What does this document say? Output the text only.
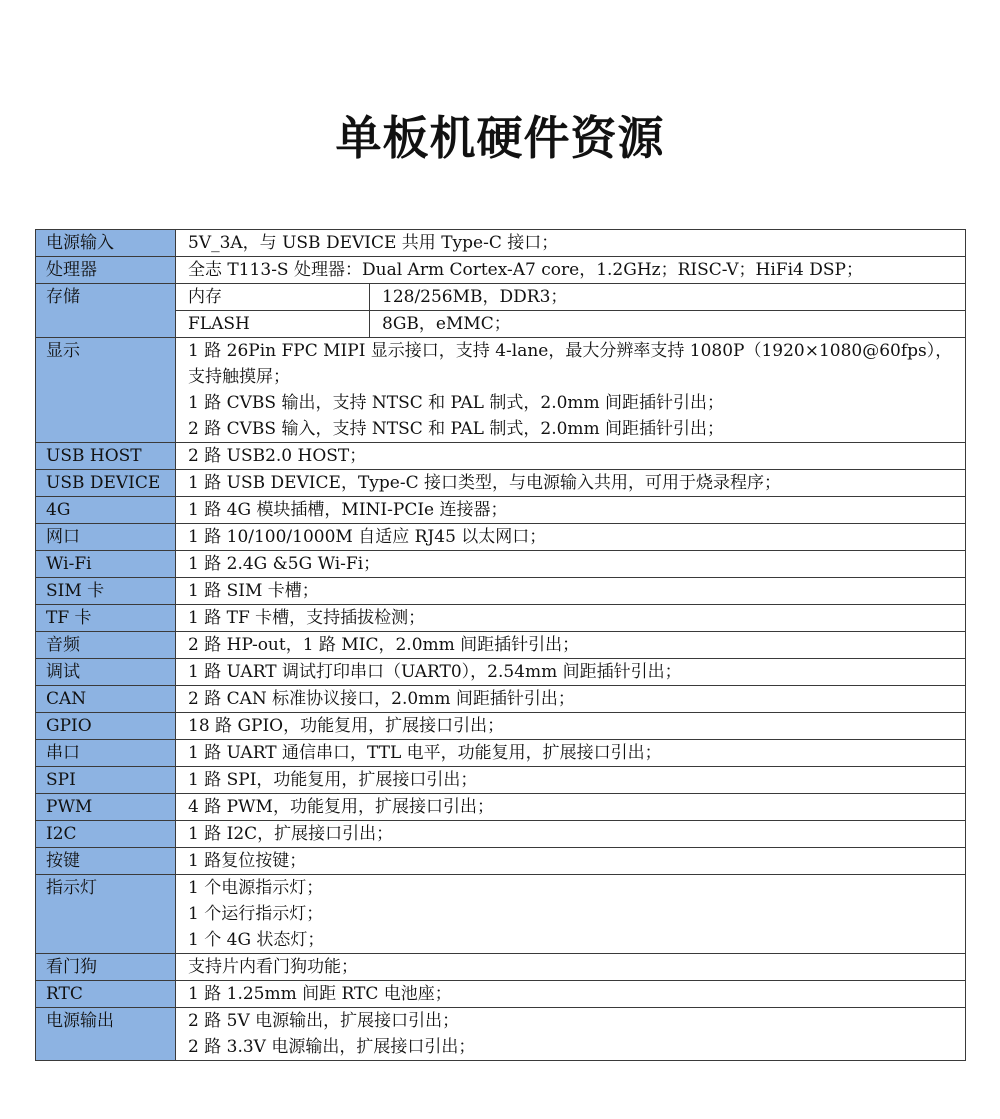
单板机硬件资源
电源输入	5V_3A，与 USB DEVICE 共用 Type-C 接口；	

处理器	全志 T113-S 处理器：Dual Arm Cortex-A7 core，1.2GHz；RISC-V；HiFi4 DSP；	

存储	内存	128/256MB，DDR3；
	FLASH	8GB，eMMC；
显示	1 路 26Pin FPC MIPI 显示接口，支持 4-lane，最大分辨率支持 1080P（1920×1080@60fps），
支持触摸屏；
1 路 CVBS 输出，支持 NTSC 和 PAL 制式，2.0mm 间距插针引出；
2 路 CVBS 输入，支持 NTSC 和 PAL 制式，2.0mm 间距插针引出；	

USB HOST	2 路 USB2.0 HOST；	

USB DEVICE	1 路 USB DEVICE，Type-C 接口类型，与电源输入共用，可用于烧录程序；	

4G	1 路 4G 模块插槽，MINI-PCIe 连接器；	

网口	1 路 10/100/1000M 自适应 RJ45 以太网口；	

Wi-Fi	1 路 2.4G &5G Wi-Fi；	

SIM 卡	1 路 SIM 卡槽；	

TF 卡	1 路 TF 卡槽，支持插拔检测；	

音频	2 路 HP-out，1 路 MIC，2.0mm 间距插针引出；	

调试	1 路 UART 调试打印串口（UART0），2.54mm 间距插针引出；	

CAN	2 路 CAN 标准协议接口，2.0mm 间距插针引出；	

GPIO	18 路 GPIO，功能复用，扩展接口引出；	

串口	1 路 UART 通信串口，TTL 电平，功能复用，扩展接口引出；	

SPI	1 路 SPI，功能复用，扩展接口引出；	

PWM	4 路 PWM，功能复用，扩展接口引出；	

I2C	1 路 I2C，扩展接口引出；	

按键	1 路复位按键；	

指示灯	1 个电源指示灯；
1 个运行指示灯；
1 个 4G 状态灯；	

看门狗	支持片内看门狗功能；	

RTC	1 路 1.25mm 间距 RTC 电池座；	

电源输出	2 路 5V 电源输出，扩展接口引出；
2 路 3.3V 电源输出，扩展接口引出；	
